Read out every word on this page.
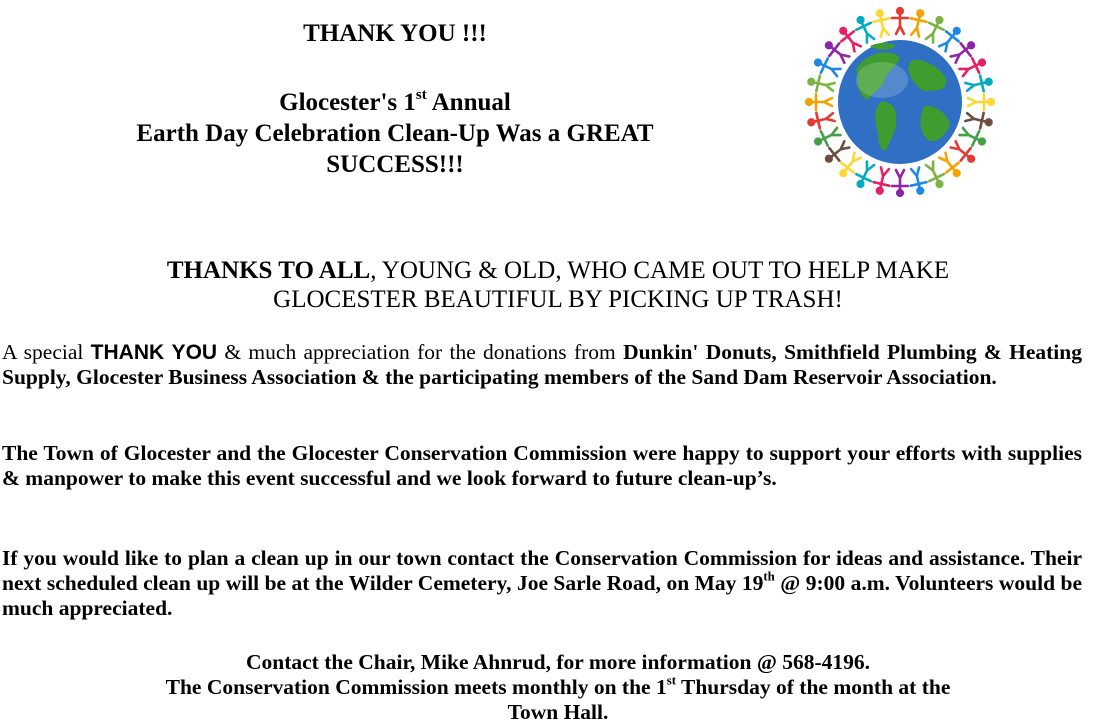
THANK YOU !!!

Glocester's 1st Annual

Earth Day Celebration Clean-Up Was a GREAT

SUCCESS!!!

THANKS TO ALL, YOUNG & OLD, WHO CAME OUT TO HELP MAKE
GLOCESTER BEAUTIFUL BY PICKING UP TRASH!
A special THANK YOU & much appreciation for the donations from Dunkin' Donuts, Smithfield Plumbing & Heating Supply, Glocester Business Association & the participating members of the Sand Dam Reservoir Association.
The Town of Glocester and the Glocester Conservation Commission were happy to support your efforts with supplies & manpower to make this event successful and we look forward to future clean-up’s.
If you would like to plan a clean up in our town contact the Conservation Commission for ideas and assistance. Their next scheduled clean up will be at the Wilder Cemetery, Joe Sarle Road, on May 19th @ 9:00 a.m. Volunteers would be much appreciated.

Contact the Chair, Mike Ahnrud, for more information @ 568-4196.

The Conservation Commission meets monthly on the 1st Thursday of the month at the

Town Hall.
